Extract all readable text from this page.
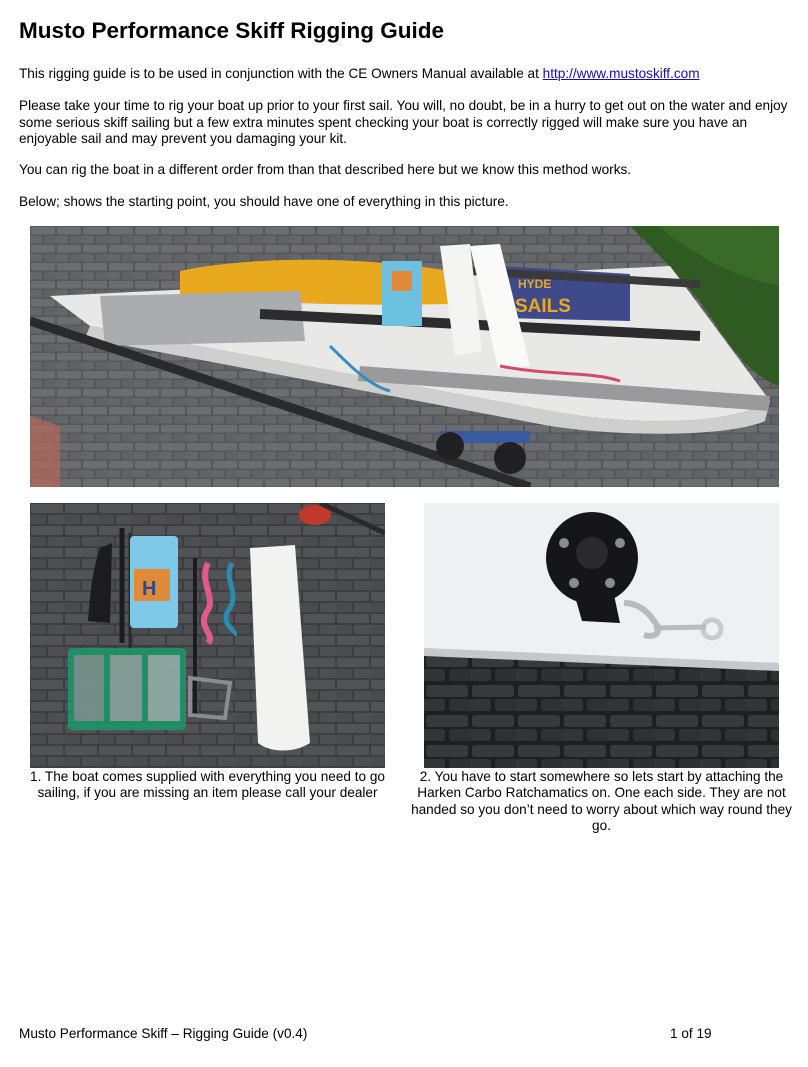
Musto Performance Skiff Rigging Guide

This rigging guide is to be used in conjunction with the CE Owners Manual available at http://www.mustoskiff.com

Please take your time to rig your boat up prior to your first sail. You will, no doubt, be in a hurry to get out on the water and enjoy some serious skiff sailing but a few extra minutes spent checking your boat is correctly rigged will make sure you have an enjoyable sail and may prevent you damaging your kit.

You can rig the boat in a different order from than that described here but we know this method works.

Below; shows the starting point, you should have one of everything in this picture.

HYDE
SAILS
H

1. The boat comes supplied with everything you need to go sailing, if you are missing an item please call your dealer

2. You have to start somewhere so lets start by attaching the Harken Carbo Ratchamatics on. One each side. They are not handed so you don’t need to worry about which way round they go.

Musto Performance Skiff – Rigging Guide (v0.4)	1 of 19
